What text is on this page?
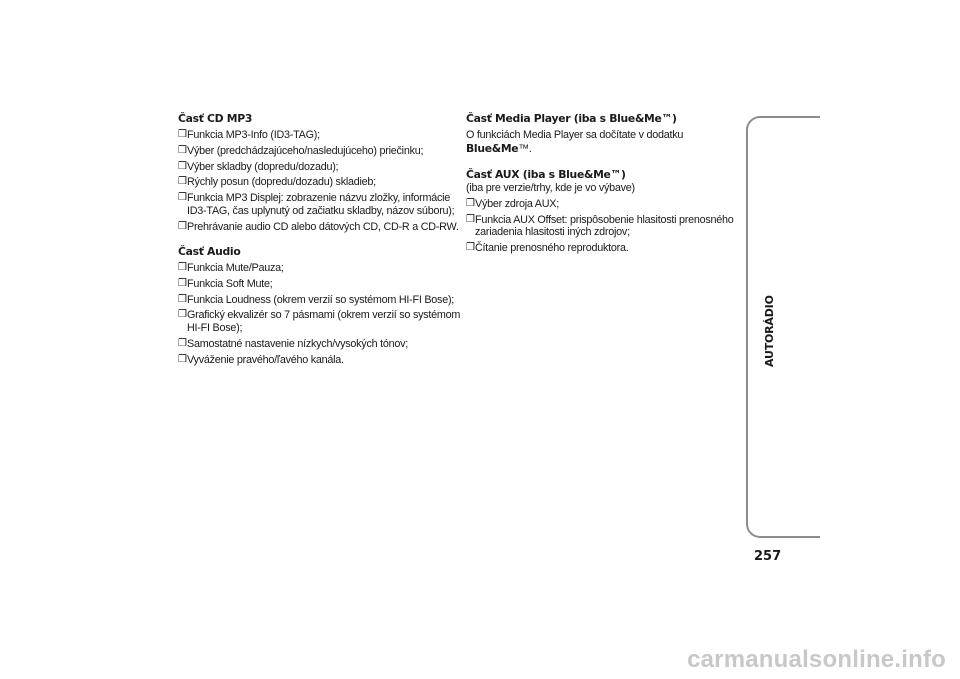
Časť CD MP3
❒ Funkcia MP3-Info (ID3-TAG);
❒ Výber (predchádzajúceho/nasledujúceho) priečinku;
❒ Výber skladby (dopredu/dozadu);
❒ Rýchly posun (dopredu/dozadu) skladieb;
❒ Funkcia MP3 Displej: zobrazenie názvu zložky, informácie ID3-TAG, čas uplynutý od začiatku skladby, názov súboru);
❒ Prehrávanie audio CD alebo dátových CD, CD-R a CD-RW.
Časť Audio
❒ Funkcia Mute/Pauza;
❒ Funkcia Soft Mute;
❒ Funkcia Loudness (okrem verzií so systémom HI-FI Bose);
❒ Grafický ekvalizér so 7 pásmami (okrem verzií so systémom HI-FI Bose);
❒ Samostatné nastavenie nízkych/vysokých tónov;
❒ Vyváženie pravého/ľavého kanála.
Časť Media Player (iba s Blue&Me™)
O funkciách Media Player sa dočítate v dodatku Blue&Me™.
Časť AUX (iba s Blue&Me™)
(iba pre verzie/trhy, kde je vo výbave)
❒ Výber zdroja AUX;
❒ Funkcia AUX Offset: prispôsobenie hlasitosti prenosného zariadenia hlasitosti iných zdrojov;
❒ Čítanie prenosného reproduktora.
AUTORÁDIO
257
carmanualsonline.info
